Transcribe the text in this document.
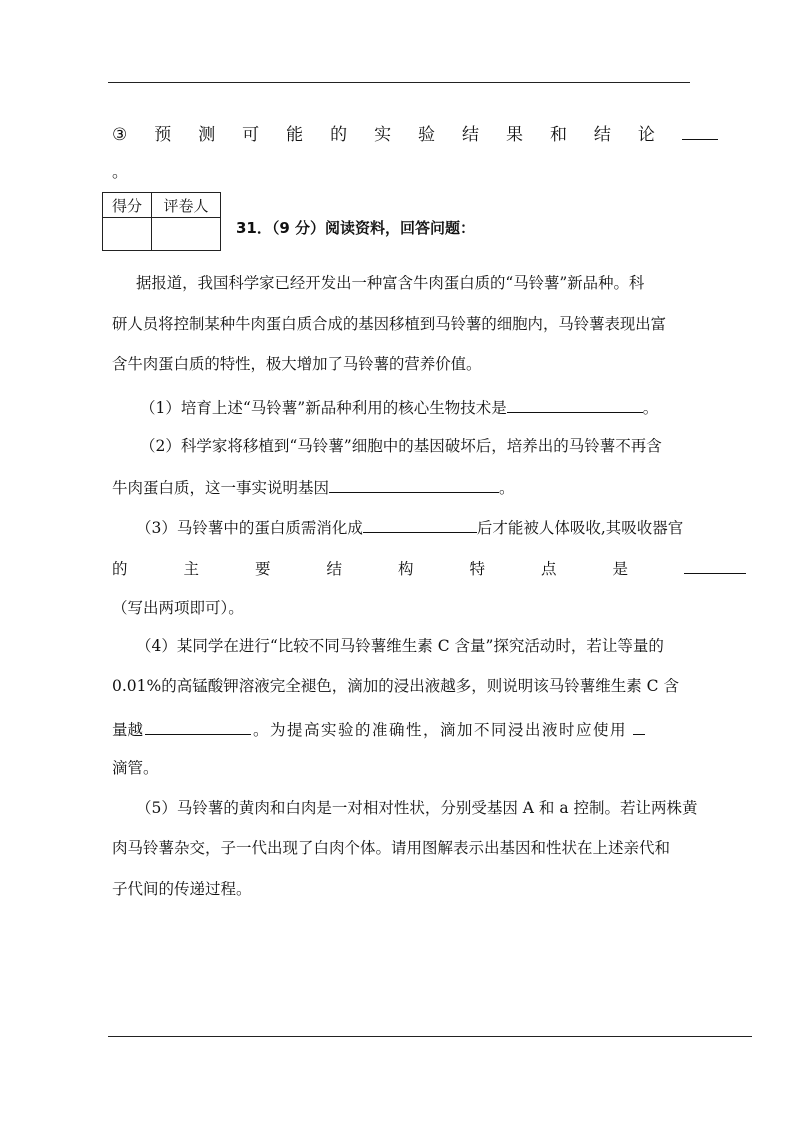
③ 预 测 可 能 的 实 验 结 果 和 结 论
。
得分	评卷人

31．（9 分）阅读资料，回答问题：
据报道，我国科学家已经开发出一种富含牛肉蛋白质的“马铃薯”新品种。科
研人员将控制某种牛肉蛋白质合成的基因移植到马铃薯的细胞内，马铃薯表现出富
含牛肉蛋白质的特性，极大增加了马铃薯的营养价值。
（1）培育上述“马铃薯”新品种利用的核心生物技术是	。
（2）科学家将移植到“马铃薯”细胞中的基因破坏后，培养出的马铃薯不再含
牛肉蛋白质，这一事实说明基因	。
（3）马铃薯中的蛋白质需消化成	后才能被人体吸收,其吸收器官
的	主	要	结	构	特	点	是
（写出两项即可）。
（4）某同学在进行“比较不同马铃薯维生素 C 含量”探究活动时，若让等量的
0.01%的高锰酸钾溶液完全褪色，滴加的浸出液越多，则说明该马铃薯维生素 C 含
量越	。为提高实验的准确性，滴加不同浸出液时应使用
滴管。
（5）马铃薯的黄肉和白肉是一对相对性状，分别受基因 A 和 a 控制。若让两株黄
肉马铃薯杂交，子一代出现了白肉个体。请用图解表示出基因和性状在上述亲代和
子代间的传递过程。
